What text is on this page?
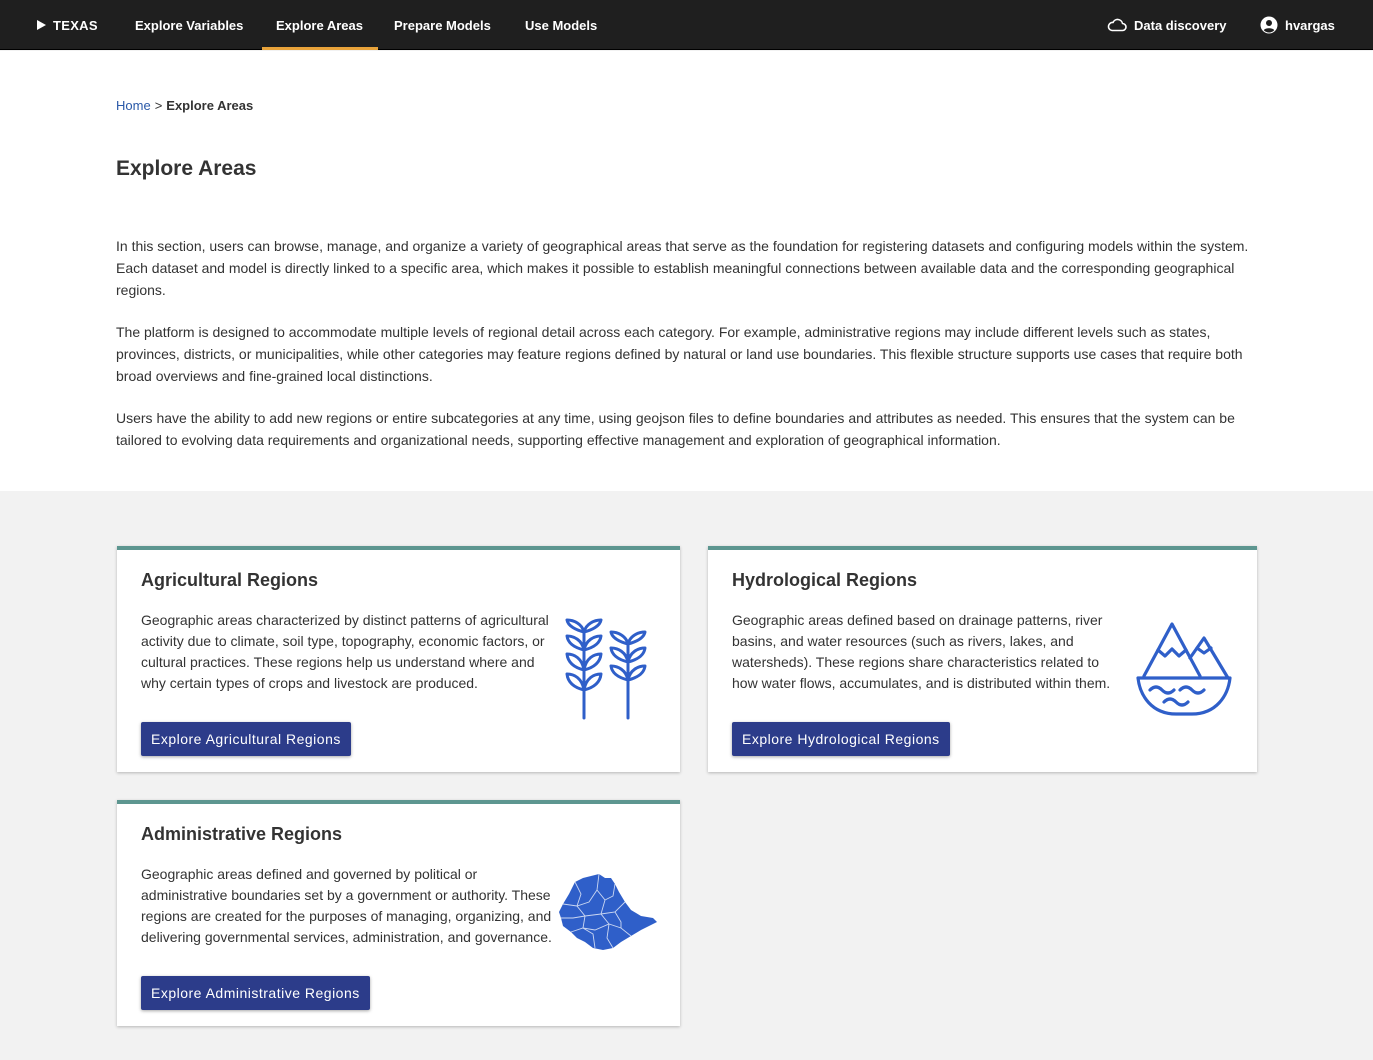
TEXAS	Explore Variables	Explore Areas Prepare Models	Use Models	Data discovery	hvargas
Home > Explore Areas
Explore Areas

In this section, users can browse, manage, and organize a variety of geographical areas that serve as the foundation for registering datasets and configuring models within the system. Each dataset and model is directly linked to a specific area, which makes it possible to establish meaningful connections between available data and the corresponding geographical regions.

The platform is designed to accommodate multiple levels of regional detail across each category. For example, administrative regions may include different levels such as states, provinces, districts, or municipalities, while other categories may feature regions defined by natural or land use boundaries. This flexible structure supports use cases that require both broad overviews and fine-grained local distinctions.

Users have the ability to add new regions or entire subcategories at any time, using geojson files to define boundaries and attributes as needed. This ensures that the system can be tailored to evolving data requirements and organizational needs, supporting effective management and exploration of geographical information.

Agricultural Regions

Geographic areas characterized by distinct patterns of agricultural activity due to climate, soil type, topography, economic factors, or cultural practices. These regions help us understand where and why certain types of crops and livestock are produced.

Explore Agricultural Regions
Hydrological Regions

Geographic areas defined based on drainage patterns, river basins, and water resources (such as rivers, lakes, and watersheds). These regions share characteristics related to how water flows, accumulates, and is distributed within them.

Explore Hydrological Regions
Administrative Regions

Geographic areas defined and governed by political or administrative boundaries set by a government or authority. These regions are created for the purposes of managing, organizing, and delivering governmental services, administration, and governance.

Explore Administrative Regions
